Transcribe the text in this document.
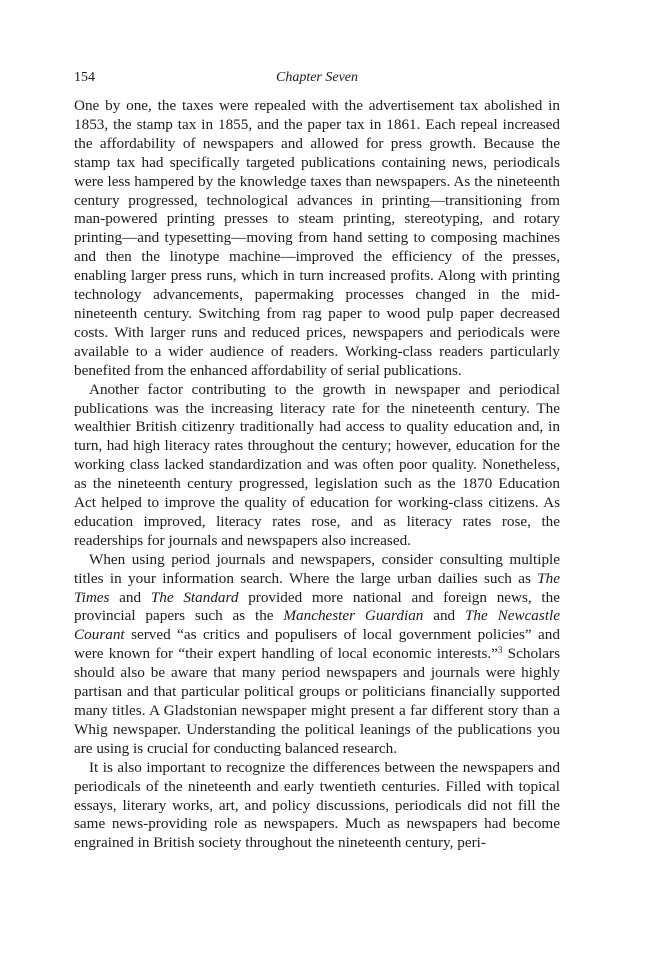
154	Chapter Seven

One by one, the taxes were repealed with the advertisement tax abolished in 1853, the stamp tax in 1855, and the paper tax in 1861. Each repeal increased the affordability of newspapers and allowed for press growth. Because the stamp tax had specifically targeted publications containing news, periodicals were less hampered by the knowledge taxes than newspapers. As the nineteenth century progressed, technological advances in printing—transitioning from man-powered printing presses to steam printing, stereotyping, and rotary printing—and typesetting—moving from hand setting to composing machines and then the linotype machine—improved the efficiency of the presses, enabling larger press runs, which in turn increased profits. Along with printing technology advancements, papermaking processes changed in the mid-nineteenth century. Switching from rag paper to wood pulp paper decreased costs. With larger runs and reduced prices, newspapers and periodicals were available to a wider audience of readers. Working-class readers particularly benefited from the enhanced affordability of serial publications.

Another factor contributing to the growth in newspaper and periodical publications was the increasing literacy rate for the nineteenth century. The wealthier British citizenry traditionally had access to quality education and, in turn, had high literacy rates throughout the century; however, education for the working class lacked standardization and was often poor quality. Nonetheless, as the nineteenth century progressed, legislation such as the 1870 Education Act helped to improve the quality of education for working-class citizens. As education improved, literacy rates rose, and as literacy rates rose, the readerships for journals and newspapers also increased.

When using period journals and newspapers, consider consulting multiple titles in your information search. Where the large urban dailies such as The Times and The Standard provided more national and foreign news, the provincial papers such as the Manchester Guardian and The Newcastle Courant served “as critics and populisers of local government policies” and were known for “their expert handling of local economic interests.”$^3$ Scholars should also be aware that many period newspapers and journals were highly partisan and that particular political groups or politicians financially supported many titles. A Gladstonian newspaper might present a far different story than a Whig newspaper. Understanding the political leanings of the publications you are using is crucial for conducting balanced research.

It is also important to recognize the differences between the newspapers and periodicals of the nineteenth and early twentieth centuries. Filled with topical essays, literary works, art, and policy discussions, periodicals did not fill the same news-providing role as newspapers. Much as newspapers had become engrained in British society throughout the nineteenth century, peri-
